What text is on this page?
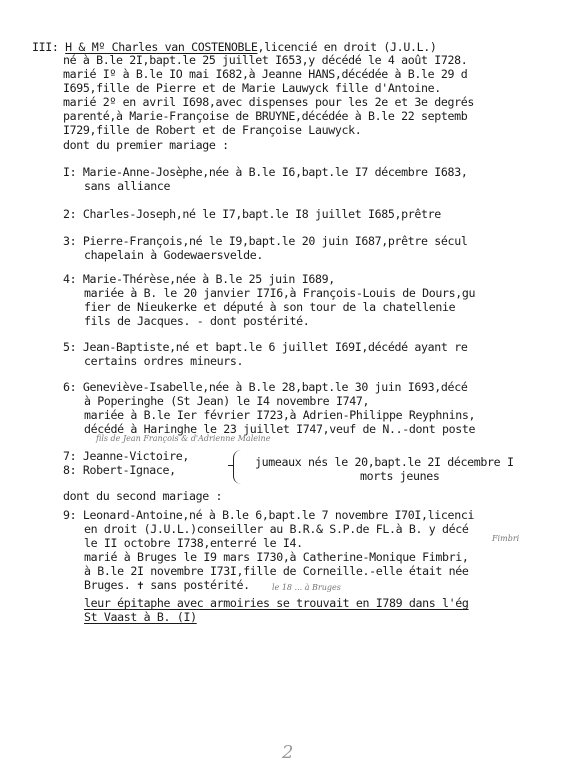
III: H & Mº Charles van COSTENOBLE,licencié en droit (J.U.L.)
né à B.le 2I,bapt.le 25 juillet I653,y décédé le 4 août I728.
marié Iº à B.le IO mai I682,à Jeanne HANS,décédée à B.le 29 d
I695,fille de Pierre et de Marie Lauwyck fille d'Antoine.
marié 2º en avril I698,avec dispenses pour les 2e et 3e degrés
parenté,à Marie-Françoise de BRUYNE,décédée à B.le 22 septemb
I729,fille de Robert et de Françoise Lauwyck.
dont du premier mariage :
I: Marie-Anne-Josèphe,née à B.le I6,bapt.le I7 décembre I683,
sans alliance
2: Charles-Joseph,né le I7,bapt.le I8 juillet I685,prêtre
3: Pierre-François,né le I9,bapt.le 20 juin I687,prêtre sécul
chapelain à Godewaersvelde.
4: Marie-Thérèse,née à B.le 25 juin I689,
mariée à B. le 20 janvier I7I6,à François-Louis de Dours,gu
fier de Nieukerke et député à son tour de la chatellenie
fils de Jacques. - dont postérité.
5: Jean-Baptiste,né et bapt.le 6 juillet I69I,décédé ayant re
certains ordres mineurs.
6: Geneviève-Isabelle,née à B.le 28,bapt.le 30 juin I693,décé
à Poperinghe (St Jean) le I4 novembre I747,
mariée à B.le Ier février I723,à Adrien-Philippe Reyphnins,
décédé à Haringhe le 23 juillet I747,veuf de N..-dont poste
fils de Jean François & d'Adrienne Maleine
7: Jeanne-Victoire,
8: Robert-Ignace,
jumeaux nés le 20,bapt.le 2I décembre I
morts jeunes
dont du second mariage :
9: Leonard-Antoine,né à B.le 6,bapt.le 7 novembre I70I,licenci
en droit (J.U.L.)conseiller au B.R.& S.P.de FL.à B. y décé
le II octobre I738,enterré le I4.	Fimbri
marié à Bruges le I9 mars I730,à Catherine-Monique Fimbri,
à B.le 2I novembre I73I,fille de Corneille.-elle était née
Bruges. ✝ sans postérité.	le 18 ... à Bruges
leur épitaphe avec armoiries se trouvait en I789 dans l'ég
St Vaast à B. (I)
2
